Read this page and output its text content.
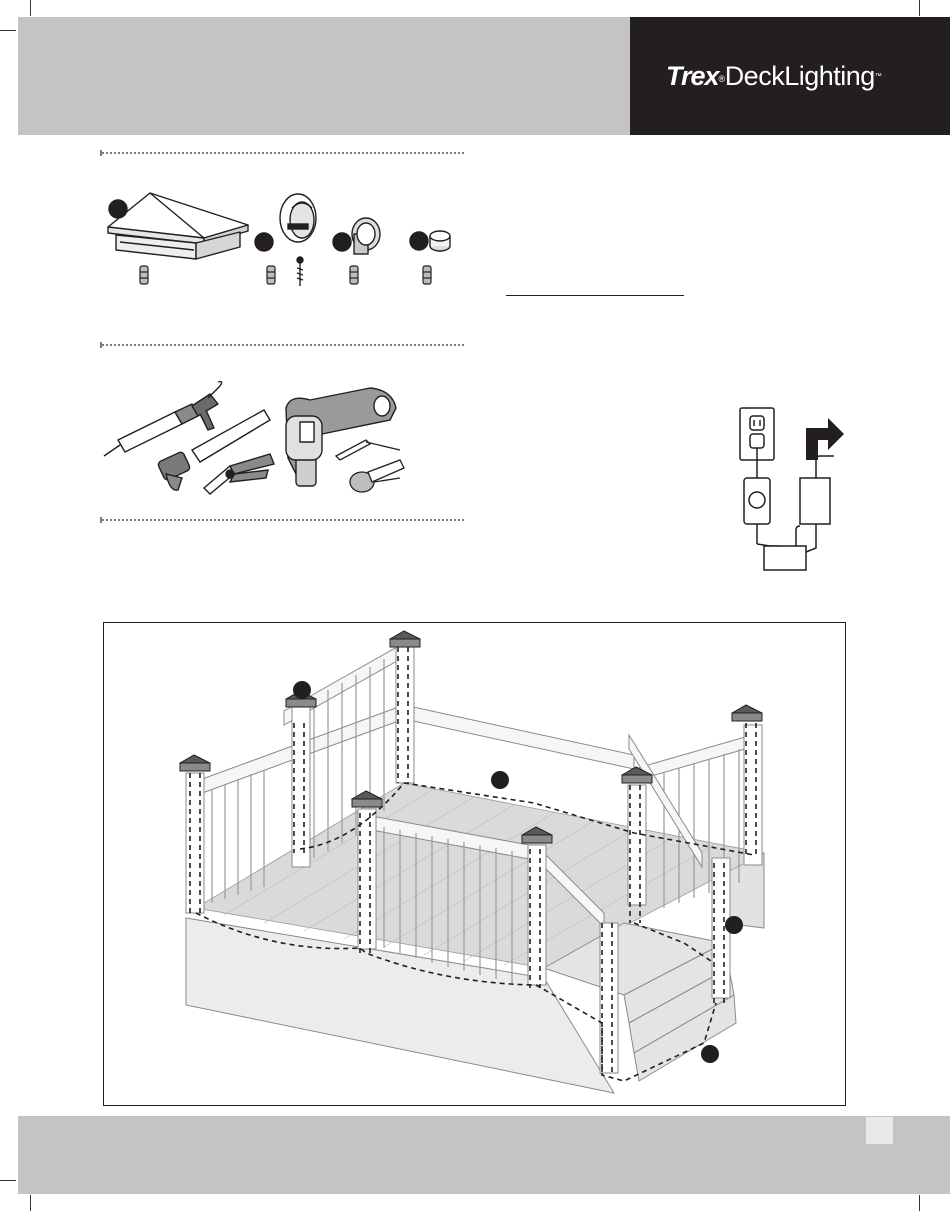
Trex®DeckLighting™
